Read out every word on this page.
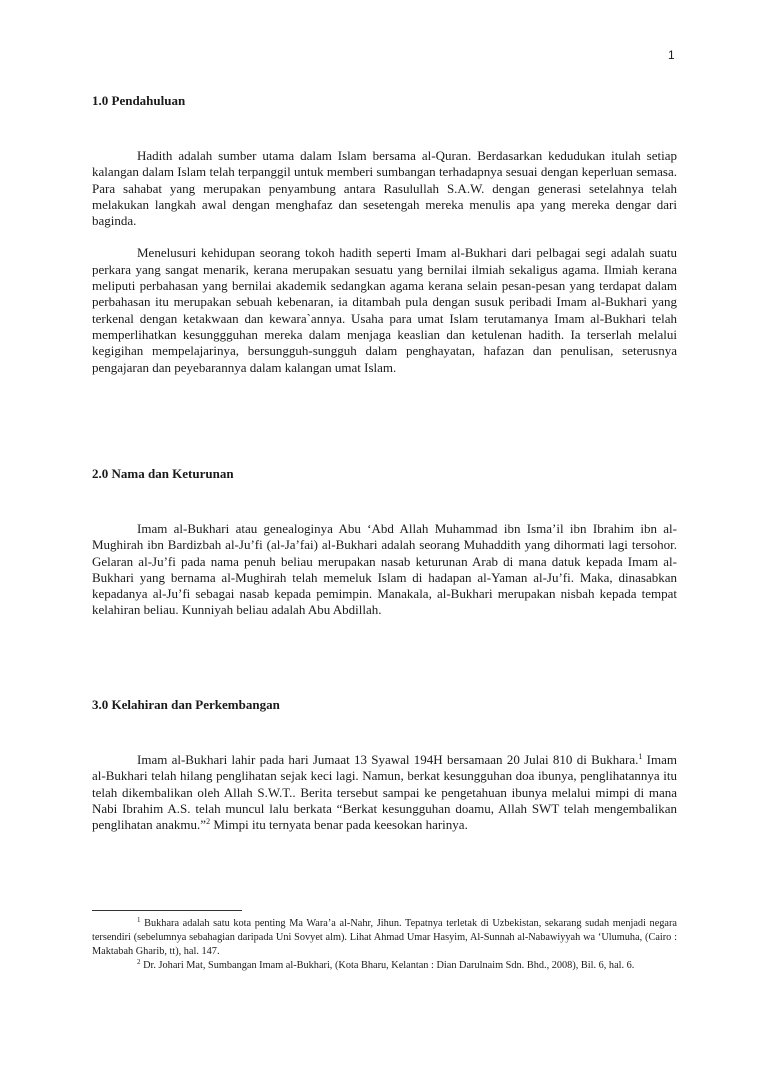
1
1.0 Pendahuluan

Hadith adalah sumber utama dalam Islam bersama al-Quran. Berdasarkan kedudukan itulah setiap kalangan dalam Islam telah terpanggil untuk memberi sumbangan terhadapnya sesuai dengan keperluan semasa. Para sahabat yang merupakan penyambung antara Rasulullah S.A.W. dengan generasi setelahnya telah melakukan langkah awal dengan menghafaz dan sesetengah mereka menulis apa yang mereka dengar dari baginda.

Menelusuri kehidupan seorang tokoh hadith seperti Imam al-Bukhari dari pelbagai segi adalah suatu perkara yang sangat menarik, kerana merupakan sesuatu yang bernilai ilmiah sekaligus agama. Ilmiah kerana meliputi perbahasan yang bernilai akademik sedangkan agama kerana selain pesan-pesan yang terdapat dalam perbahasan itu merupakan sebuah kebenaran, ia ditambah pula dengan susuk peribadi Imam al-Bukhari yang terkenal dengan ketakwaan dan kewara`annya. Usaha para umat Islam terutamanya Imam al-Bukhari telah memperlihatkan kesunggguhan mereka dalam menjaga keaslian dan ketulenan hadith. Ia terserlah melalui kegigihan mempelajarinya, bersungguh-sungguh dalam penghayatan, hafazan dan penulisan, seterusnya pengajaran dan peyebarannya dalam kalangan umat Islam.

2.0 Nama dan Keturunan

Imam al-Bukhari atau genealoginya Abu ‘Abd Allah Muhammad ibn Isma’il ibn Ibrahim ibn al-Mughirah ibn Bardizbah al-Ju’fi (al-Ja’fai) al-Bukhari adalah seorang Muhaddith yang dihormati lagi tersohor. Gelaran al-Ju’fi pada nama penuh beliau merupakan nasab keturunan Arab di mana datuk kepada Imam al-Bukhari yang bernama al-Mughirah telah memeluk Islam di hadapan al-Yaman al-Ju’fi. Maka, dinasabkan kepadanya al-Ju’fi sebagai nasab kepada pemimpin. Manakala, al-Bukhari merupakan nisbah kepada tempat kelahiran beliau. Kunniyah beliau adalah Abu Abdillah.

3.0 Kelahiran dan Perkembangan

Imam al-Bukhari lahir pada hari Jumaat 13 Syawal 194H bersamaan 20 Julai 810 di Bukhara.$^1$ Imam al-Bukhari telah hilang penglihatan sejak keci lagi. Namun, berkat kesungguhan doa ibunya, penglihatannya itu telah dikembalikan oleh Allah S.W.T.. Berita tersebut sampai ke pengetahuan ibunya melalui mimpi di mana Nabi Ibrahim A.S. telah muncul lalu berkata “Berkat kesungguhan doamu, Allah SWT telah mengembalikan penglihatan anakmu.”$^2$ Mimpi itu ternyata benar pada keesokan harinya.

$^1$ Bukhara adalah satu kota penting Ma Wara’a al-Nahr, Jihun. Tepatnya terletak di Uzbekistan, sekarang sudah menjadi negara tersendiri (sebelumnya sebahagian daripada Uni Sovyet alm). Lihat Ahmad Umar Hasyim, Al-Sunnah al-Nabawiyyah wa ‘Ulumuha, (Cairo : Maktabah Gharib, tt), hal. 147.

$^2$ Dr. Johari Mat, Sumbangan Imam al-Bukhari, (Kota Bharu, Kelantan : Dian Darulnaim Sdn. Bhd., 2008), Bil. 6, hal. 6.
